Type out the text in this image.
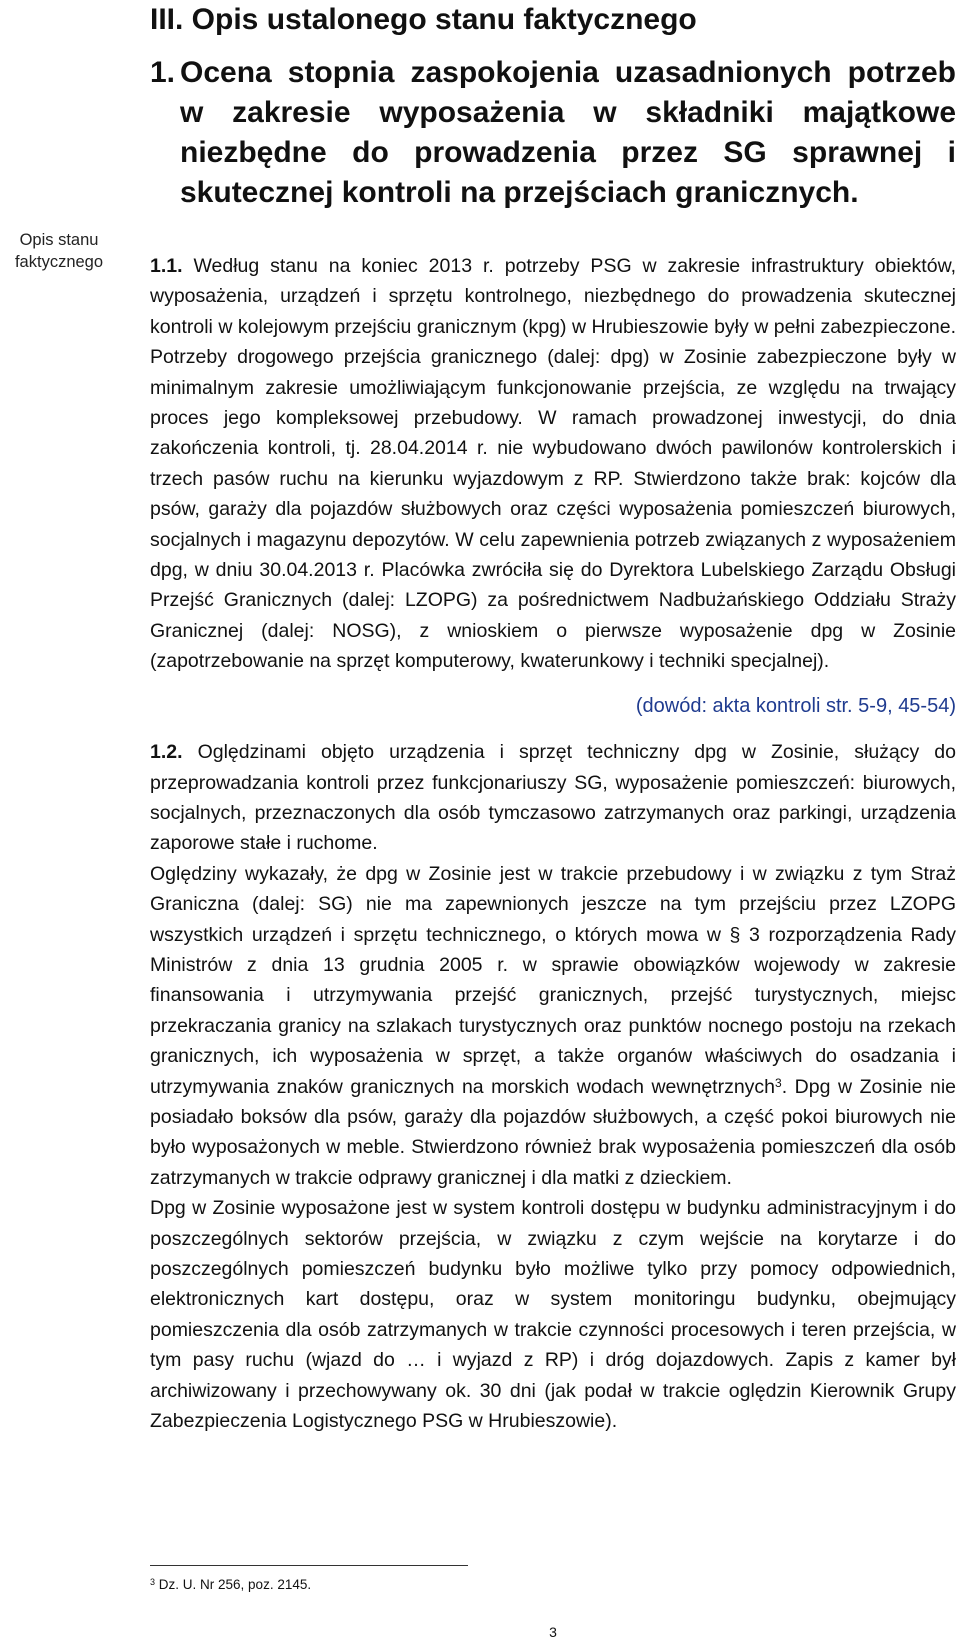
Opis stanu
faktycznego
III. Opis ustalonego stanu faktycznego
1. Ocena stopnia zaspokojenia uzasadnionych potrzeb w zakresie wyposażenia w składniki majątkowe niezbędne do prowadzenia przez SG sprawnej i skutecznej kontroli na przejściach granicznych.

1.1. Według stanu na koniec 2013 r. potrzeby PSG w zakresie infrastruktury obiektów, wyposażenia, urządzeń i sprzętu kontrolnego, niezbędnego do prowadzenia skutecznej kontroli w kolejowym przejściu granicznym (kpg) w Hrubieszowie były w pełni zabezpieczone. Potrzeby drogowego przejścia granicznego (dalej: dpg) w Zosinie zabezpieczone były w minimalnym zakresie umożliwiającym funkcjonowanie przejścia, ze względu na trwający proces jego kompleksowej przebudowy. W ramach prowadzonej inwestycji, do dnia zakończenia kontroli, tj. 28.04.2014 r. nie wybudowano dwóch pawilonów kontrolerskich i trzech pasów ruchu na kierunku wyjazdowym z RP. Stwierdzono także brak: kojców dla psów, garaży dla pojazdów służbowych oraz części wyposażenia pomieszczeń biurowych, socjalnych i magazynu depozytów. W celu zapewnienia potrzeb związanych z wyposażeniem dpg, w dniu 30.04.2013 r. Placówka zwróciła się do Dyrektora Lubelskiego Zarządu Obsługi Przejść Granicznych (dalej: LZOPG) za pośrednictwem Nadbużańskiego Oddziału Straży Granicznej (dalej: NOSG), z wnioskiem o pierwsze wyposażenie dpg w Zosinie (zapotrzebowanie na sprzęt komputerowy, kwaterunkowy i techniki specjalnej).

(dowód: akta kontroli str. 5-9, 45-54)

1.2. Oględzinami objęto urządzenia i sprzęt techniczny dpg w Zosinie, służący do przeprowadzania kontroli przez funkcjonariuszy SG, wyposażenie pomieszczeń: biurowych, socjalnych, przeznaczonych dla osób tymczasowo zatrzymanych oraz parkingi, urządzenia zaporowe stałe i ruchome.

Oględziny wykazały, że dpg w Zosinie jest w trakcie przebudowy i w związku z tym Straż Graniczna (dalej: SG) nie ma zapewnionych jeszcze na tym przejściu przez LZOPG wszystkich urządzeń i sprzętu technicznego, o których mowa w § 3 rozporządzenia Rady Ministrów z dnia 13 grudnia 2005 r. w sprawie obowiązków wojewody w zakresie finansowania i utrzymywania przejść granicznych, przejść turystycznych, miejsc przekraczania granicy na szlakach turystycznych oraz punktów nocnego postoju na rzekach granicznych, ich wyposażenia w sprzęt, a także organów właściwych do osadzania i utrzymywania znaków granicznych na morskich wodach wewnętrznych$^3$. Dpg w Zosinie nie posiadało boksów dla psów, garaży dla pojazdów służbowych, a część pokoi biurowych nie było wyposażonych w meble. Stwierdzono również brak wyposażenia pomieszczeń dla osób zatrzymanych w trakcie odprawy granicznej i dla matki z dzieckiem.

Dpg w Zosinie wyposażone jest w system kontroli dostępu w budynku administracyjnym i do poszczególnych sektorów przejścia, w związku z czym wejście na korytarze i do poszczególnych pomieszczeń budynku było możliwe tylko przy pomocy odpowiednich, elektronicznych kart dostępu, oraz w system monitoringu budynku, obejmujący pomieszczenia dla osób zatrzymanych w trakcie czynności procesowych i teren przejścia, w tym pasy ruchu (wjazd do … i wyjazd z RP) i dróg dojazdowych. Zapis z kamer był archiwizowany i przechowywany ok. 30 dni (jak podał w trakcie oględzin Kierownik Grupy Zabezpieczenia Logistycznego PSG w Hrubieszowie).

$^3$ Dz. U. Nr 256, poz. 2145.
3
